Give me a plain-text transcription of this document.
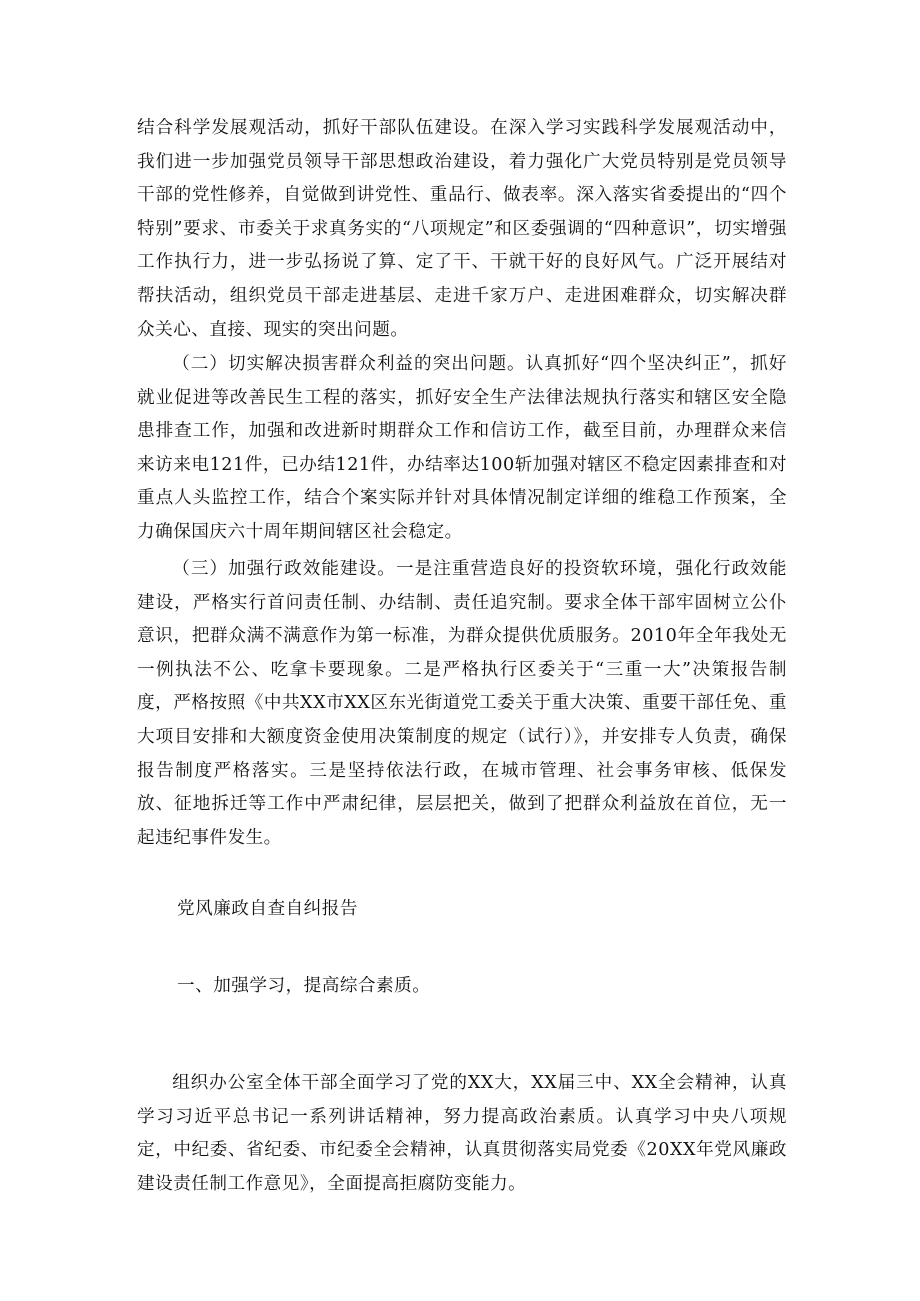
结合科学发展观活动，抓好干部队伍建设。在深入学习实践科学发展观活动中，我们进一步加强党员领导干部思想政治建设，着力强化广大党员特别是党员领导干部的党性修养，自觉做到讲党性、重品行、做表率。深入落实省委提出的“四个特别”要求、市委关于求真务实的“八项规定”和区委强调的“四种意识”，切实增强工作执行力，进一步弘扬说了算、定了干、干就干好的良好风气。广泛开展结对帮扶活动，组织党员干部走进基层、走进千家万户、走进困难群众，切实解决群众关心、直接、现实的突出问题。

（二）切实解决损害群众利益的突出问题。认真抓好“四个坚决纠正”，抓好就业促进等改善民生工程的落实，抓好安全生产法律法规执行落实和辖区安全隐患排查工作，加强和改进新时期群众工作和信访工作，截至目前，办理群众来信来访来电121件，已办结121件，办结率达100斩加强对辖区不稳定因素排查和对重点人头监控工作，结合个案实际并针对具体情况制定详细的维稳工作预案，全力确保国庆六十周年期间辖区社会稳定。

（三）加强行政效能建设。一是注重营造良好的投资软环境，强化行政效能建设，严格实行首问责任制、办结制、责任追究制。要求全体干部牢固树立公仆意识，把群众满不满意作为第一标准，为群众提供优质服务。2010年全年我处无一例执法不公、吃拿卡要现象。二是严格执行区委关于“三重一大”决策报告制度，严格按照《中共XX市XX区东光街道党工委关于重大决策、重要干部任免、重大项目安排和大额度资金使用决策制度的规定（试行）》，并安排专人负责，确保报告制度严格落实。三是坚持依法行政，在城市管理、社会事务审核、低保发放、征地拆迁等工作中严肃纪律，层层把关，做到了把群众利益放在首位，无一起违纪事件发生。

党风廉政自查自纠报告

一、加强学习，提高综合素质。

组织办公室全体干部全面学习了党的XX大，XX届三中、XX全会精神，认真学习习近平总书记一系列讲话精神，努力提高政治素质。认真学习中央八项规定，中纪委、省纪委、市纪委全会精神，认真贯彻落实局党委《20XX年党风廉政建设责任制工作意见》，全面提高拒腐防变能力。
